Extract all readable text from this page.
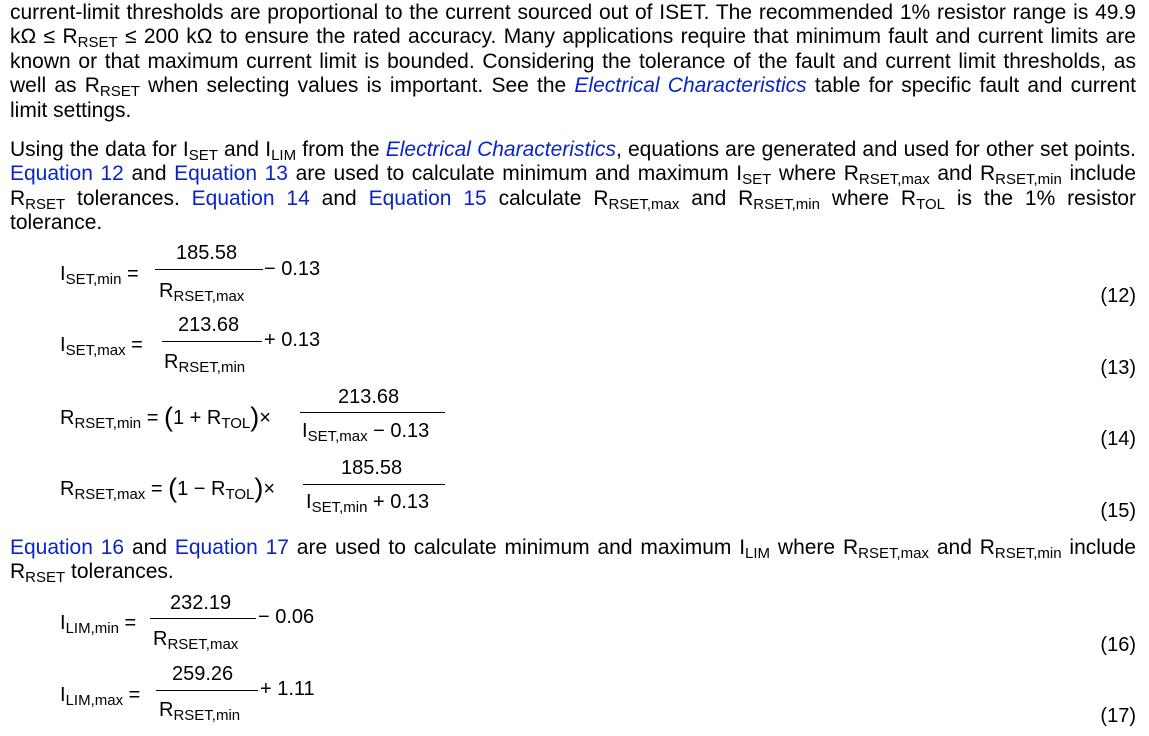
current-limit thresholds are proportional to the current sourced out of ISET. The recommended 1% resistor range is 49.9 $k\Omega \le R_{RSET} \le 200$ kΩ to ensure the rated accuracy. Many applications require that minimum fault and current limits are known or that maximum current limit is bounded. Considering the tolerance of the fault and current limit thresholds, as well as $R_{RSET}$ when selecting values is important. See the Electrical Characteristics table for specific fault and current limit settings.

Using the data for $I_{SET}$ and $I_{LIM}$ from the Electrical Characteristics, equations are generated and used for other set points. Equation 12 and Equation 13 are used to calculate minimum and maximum $I_{SET}$ where $R_{RSET,max}$ and $R_{RSET,min}$ include $R_{RSET}$ tolerances. Equation 14 and Equation 15 calculate $R_{RSET,max}$ and $R_{RSET,min}$ where $R_{TOL}$ is the 1% resistor tolerance.

Equation 16 and Equation 17 are used to calculate minimum and maximum $I_{LIM}$ where $R_{RSET,max}$ and $R_{RSET,min}$ include $R_{RSET}$ tolerances.

$I_{SET,min}$ =
185.58
$R_{RSET,max}$
− 0.13
(12)
$I_{SET,max}$ =
213.68
$R_{RSET,min}$
+ 0.13
(13)
$R_{RSET,min} = (1 + R_{TOL})\times$
213.68
$I_{SET,max} - 0.13$	(14)
$R_{RSET,max} = (1 - R_{TOL})\times$
185.58
$I_{SET,min} + 0.13$	(15)
$I_{LIM,min}$ =
232.19
$R_{RSET,max}$
− 0.06
(16)
$I_{LIM,max}$ =
259.26
$R_{RSET,min}$
+ 1.11
(17)
